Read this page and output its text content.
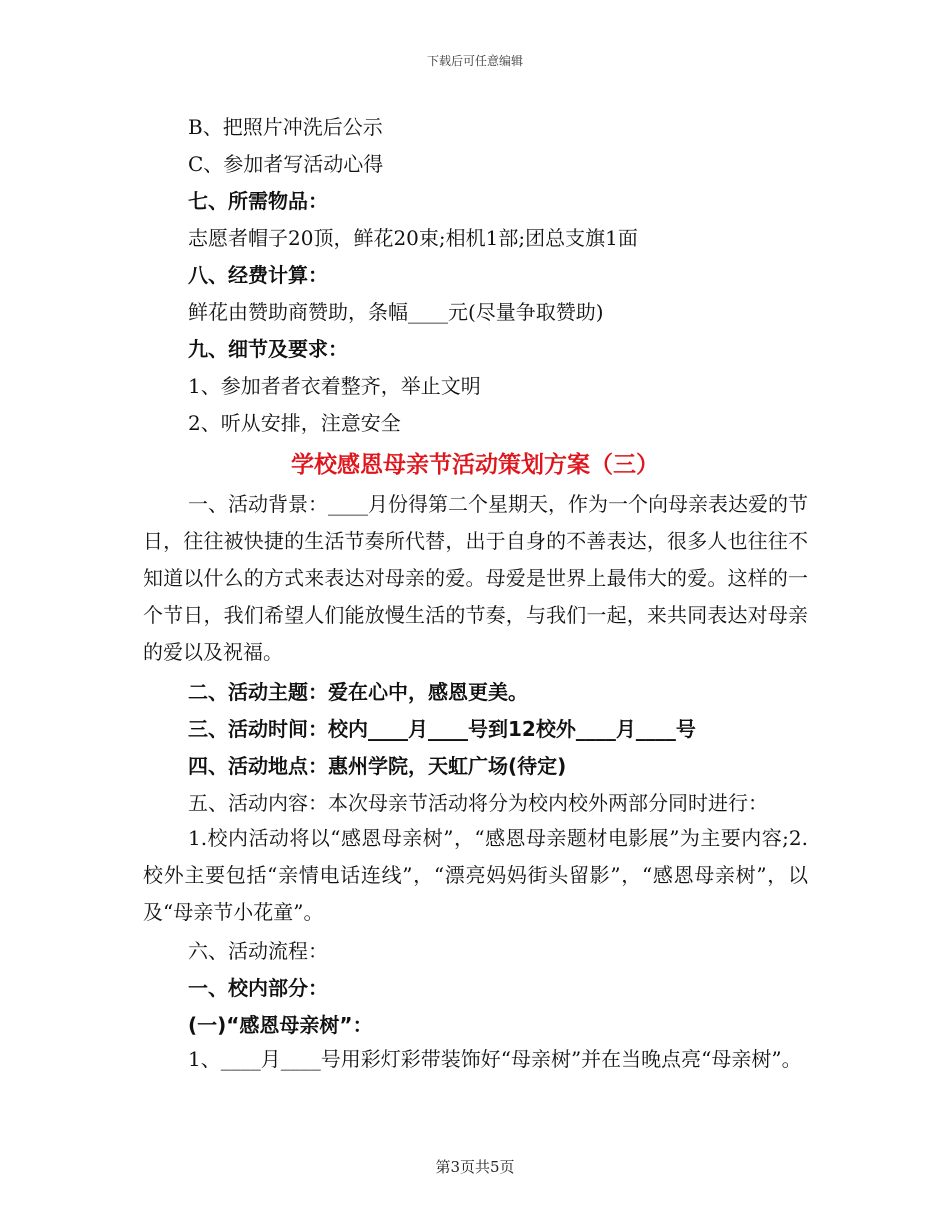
下载后可任意编辑
B、把照片冲洗后公示
C、参加者写活动心得
七、所需物品：
志愿者帽子20顶，鲜花20束;相机1部;团总支旗1面
八、经费计算：
鲜花由赞助商赞助，条幅____元(尽量争取赞助)
九、细节及要求：
1、参加者者衣着整齐，举止文明
2、听从安排，注意安全
学校感恩母亲节活动策划方案（三）
一、活动背景：____月份得第二个星期天，作为一个向母亲表达爱的节日，往往被快捷的生活节奏所代替，出于自身的不善表达，很多人也往往不知道以什么的方式来表达对母亲的爱。母爱是世界上最伟大的爱。这样的一个节日，我们希望人们能放慢生活的节奏，与我们一起，来共同表达对母亲的爱以及祝福。
二、活动主题：爱在心中，感恩更美。
三、活动时间：校内____月____号到12校外____月____号
四、活动地点：惠州学院，天虹广场(待定)
五、活动内容：本次母亲节活动将分为校内校外两部分同时进行：
1.校内活动将以“感恩母亲树”，“感恩母亲题材电影展”为主要内容;2.校外主要包括“亲情电话连线”，“漂亮妈妈街头留影”，“感恩母亲树”，以及“母亲节小花童”。
六、活动流程：
一、校内部分：
(一)“感恩母亲树”：
1、____月____号用彩灯彩带装饰好“母亲树”并在当晚点亮“母亲树”。
第3页共5页
